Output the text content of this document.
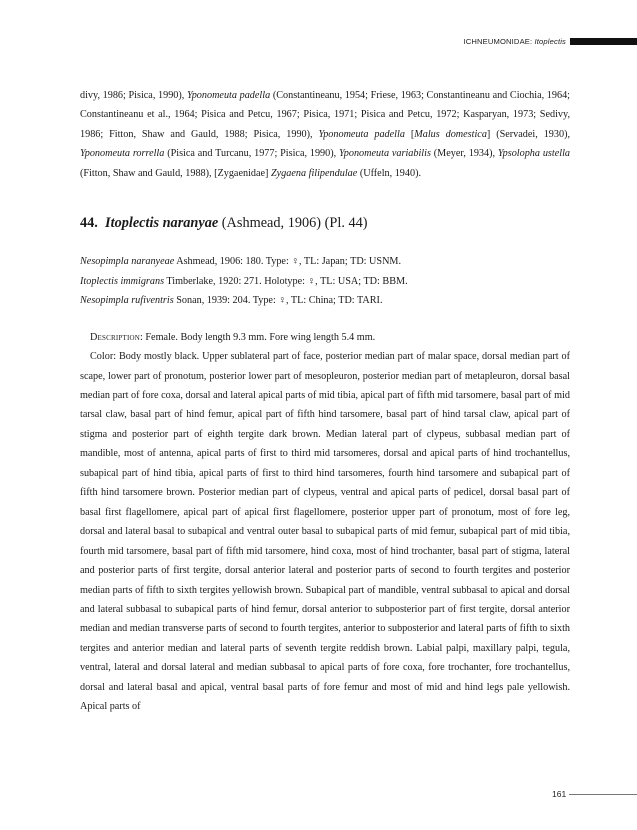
ICHNEUMONIDAE: Itoplectis

divy, 1986; Pisica, 1990), Yponomeuta padella (Constantineanu, 1954; Friese, 1963; Constantineanu and Ciochia, 1964; Constantineanu et al., 1964; Pisica and Petcu, 1967; Pisica, 1971; Pisica and Petcu, 1972; Kasparyan, 1973; Sedivy, 1986; Fitton, Shaw and Gauld, 1988; Pisica, 1990), Yponomeuta padella [Malus domestica] (Servadei, 1930), Yponomeuta rorrella (Pisica and Turcanu, 1977; Pisica, 1990), Yponomeuta variabilis (Meyer, 1934), Ypsolopha ustella (Fitton, Shaw and Gauld, 1988), [Zygaenidae] Zygaena filipendulae (Uffeln, 1940).

44. Itoplectis naranyae (Ashmead, 1906) (Pl. 44)

Nesopimpla naranyeae Ashmead, 1906: 180. Type: ♀, TL: Japan; TD: USNM.

Itoplectis immigrans Timberlake, 1920: 271. Holotype: ♀, TL: USA; TD: BBM.

Nesopimpla rufiventris Sonan, 1939: 204. Type: ♀, TL: China; TD: TARI.

Description: Female. Body length 9.3 mm. Fore wing length 5.4 mm.

Color: Body mostly black. Upper sublateral part of face, posterior median part of malar space, dorsal median part of scape, lower part of pronotum, posterior lower part of mesopleuron, posterior median part of metapleuron, dorsal basal median part of fore coxa, dorsal and lateral apical parts of mid tibia, apical part of fifth mid tarsomere, basal part of mid tarsal claw, basal part of hind femur, apical part of fifth hind tarsomere, basal part of hind tarsal claw, apical part of stigma and posterior part of eighth tergite dark brown. Median lateral part of clypeus, subbasal median part of mandible, most of antenna, apical parts of first to third mid tarsomeres, dorsal and apical parts of hind trochantellus, subapical part of hind tibia, apical parts of first to third hind tarsomeres, fourth hind tarsomere and subapical part of fifth hind tarsomere brown. Posterior median part of clypeus, ventral and apical parts of pedicel, dorsal basal part of basal first flagellomere, apical part of apical first flagellomere, posterior upper part of pronotum, most of fore leg, dorsal and lateral basal to subapical and ventral outer basal to subapical parts of mid femur, subapical part of mid tibia, fourth mid tarsomere, basal part of fifth mid tarsomere, hind coxa, most of hind trochanter, basal part of stigma, lateral and posterior parts of first tergite, dorsal anterior lateral and posterior parts of second to fourth tergites and posterior median parts of fifth to sixth tergites yellowish brown. Subapical part of mandible, ventral subbasal to apical and dorsal and lateral subbasal to subapical parts of hind femur, dorsal anterior to subposterior part of first tergite, dorsal anterior median and median transverse parts of second to fourth tergites, anterior to subposterior and lateral parts of fifth to sixth tergites and anterior median and lateral parts of seventh tergite reddish brown. Labial palpi, maxillary palpi, tegula, ventral, lateral and dorsal lateral and median subbasal to apical parts of fore coxa, fore trochanter, fore trochantellus, dorsal and lateral basal and apical, ventral basal parts of fore femur and most of mid and hind legs pale yellowish. Apical parts of

161
